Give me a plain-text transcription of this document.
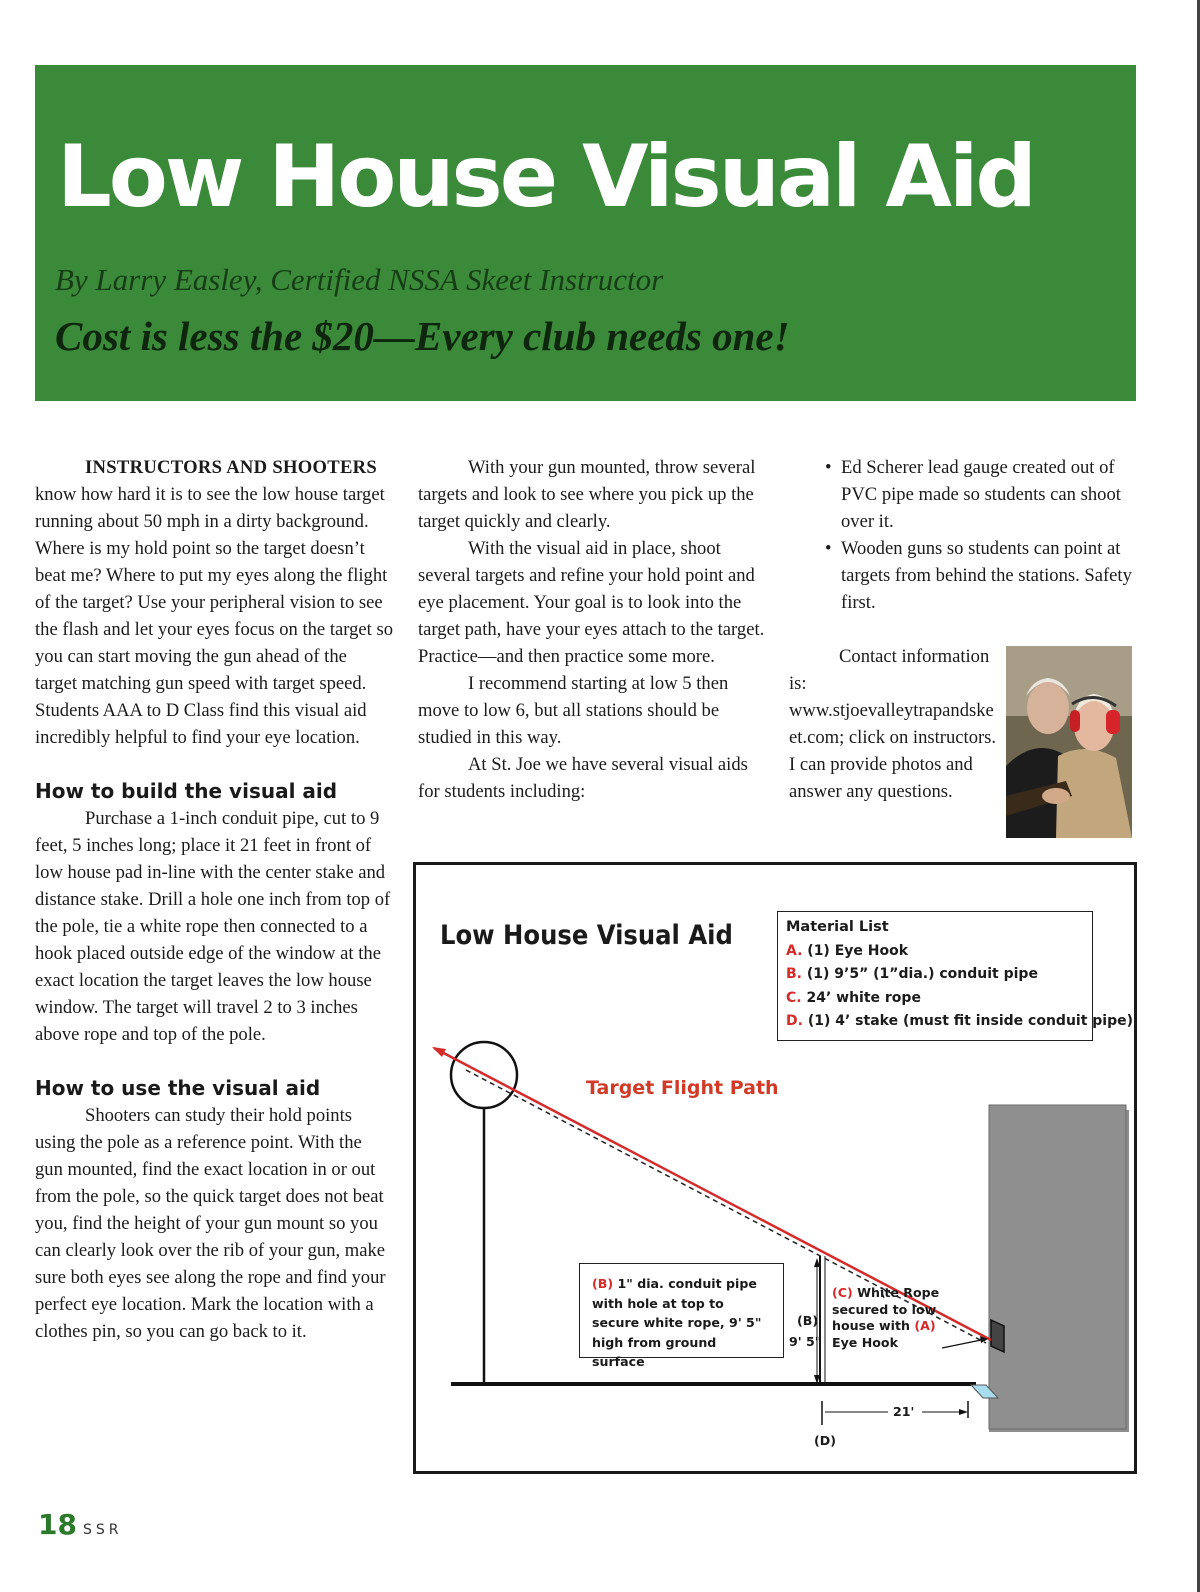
Low House Visual Aid

By Larry Easley, Certified NSSA Skeet Instructor

Cost is less the $20—Every club needs one!

INSTRUCTORS AND SHOOTERS know how hard it is to see the low house target running about 50 mph in a dirty background. Where is my hold point so the target doesn’t beat me? Where to put my eyes along the flight of the target? Use your peripheral vision to see the flash and let your eyes focus on the target so you can start moving the gun ahead of the target matching gun speed with target speed. Students AAA to D Class find this visual aid incredibly helpful to find your eye location.

How to build the visual aid

Purchase a 1-inch conduit pipe, cut to 9 feet, 5 inches long; place it 21 feet in front of low house pad in-line with the center stake and distance stake. Drill a hole one inch from top of the pole, tie a white rope then connected to a hook placed outside edge of the window at the exact location the target leaves the low house window. The target will travel 2 to 3 inches above rope and top of the pole.

How to use the visual aid

Shooters can study their hold points using the pole as a reference point. With the gun mounted, find the exact location in or out from the pole, so the quick target does not beat you, find the height of your gun mount so you can clearly look over the rib of your gun, make sure both eyes see along the rope and find your perfect eye location. Mark the location with a clothes pin, so you can go back to it.

With your gun mounted, throw several targets and look to see where you pick up the target quickly and clearly.

With the visual aid in place, shoot several targets and refine your hold point and eye placement. Your goal is to look into the target path, have your eyes attach to the target. Practice—and then practice some more.

I recommend starting at low 5 then move to low 6, but all stations should be studied in this way.

At St. Joe we have several visual aids for students including:

• Ed Scherer lead gauge created out of PVC pipe made so students can shoot over it.
• Wooden guns so students can point at targets from behind the stations. Safety first.

Contact information is: www.stjoevalleytrapandskeet.com; click on instructors. I can provide photos and answer any questions.

Low House Visual Aid	Material List
A. (1) Eye Hook
B. (1) 9’5” (1”dia.) conduit pipe
C. 24’ white rope
D. (1) 4’ stake (must fit inside conduit pipe)

Target Flight Path

(B) 1" dia. conduit pipe with hole at top to secure white rope, 9' 5" high from ground surface
(B)
9' 5"
(C) White Rope
secured to low
house with (A)
Eye Hook
21'
(D)
18 SSR
